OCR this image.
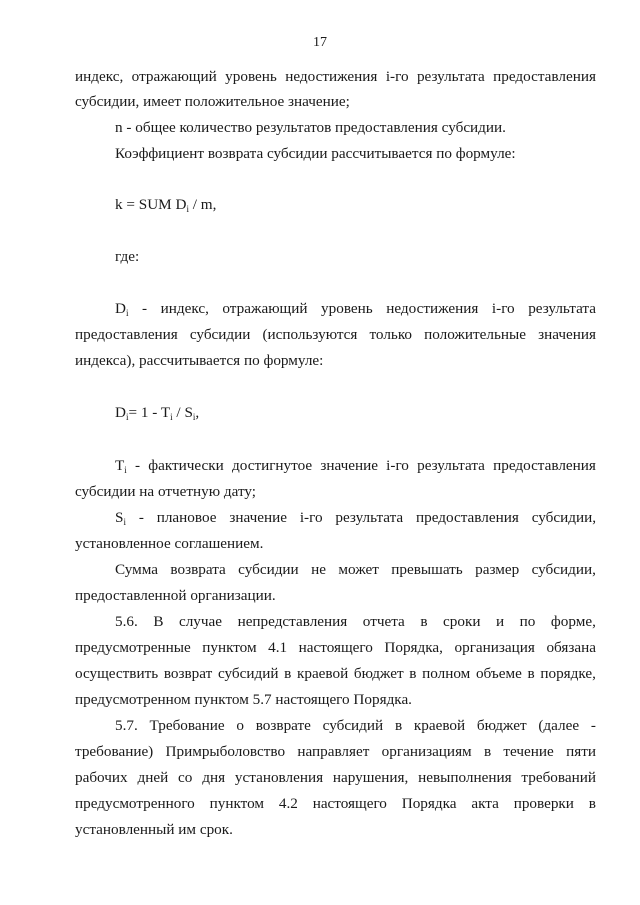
17
индекс, отражающий уровень недостижения i-го результата предоставления
субсидии, имеет положительное значение;
n - общее количество результатов предоставления субсидии.
Коэффициент возврата субсидии рассчитывается по формуле:
k = SUM $D_i$ / m,
где:
$D_i$ - индекс, отражающий уровень недостижения i-го результата
предоставления субсидии (используются только положительные значения
индекса), рассчитывается по формуле:
$D_i= 1 - T_i / S_i$,
$T_i$ - фактически достигнутое значение i-го результата предоставления
субсидии на отчетную дату;
$S_i$ - плановое значение i-го результата предоставления субсидии,
установленное соглашением.
Сумма возврата субсидии не может превышать размер субсидии,
предоставленной организации.
5.6. В случае непредставления отчета в сроки и по форме,
предусмотренные пунктом 4.1 настоящего Порядка, организация обязана
осуществить возврат субсидий в краевой бюджет в полном объеме в порядке,
предусмотренном пунктом 5.7 настоящего Порядка.
5.7. Требование о возврате субсидий в краевой бюджет (далее -
требование) Примрыболовство направляет организациям в течение пяти
рабочих дней со дня установления нарушения, невыполнения требований
предусмотренного пунктом 4.2 настоящего Порядка акта проверки в
установленный им срок.
